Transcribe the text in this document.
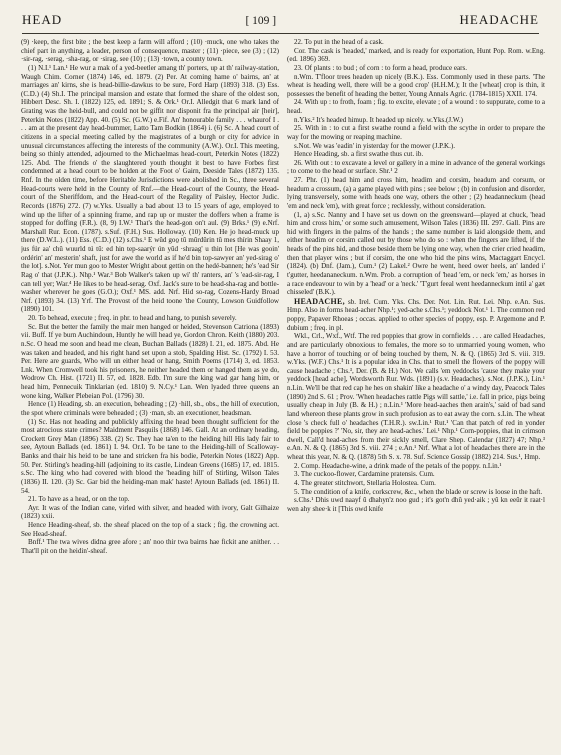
HEAD	[ 109 ]	HEADACHE

(9) ·keep, the first bite ; the best keep a farm will afford ; (10) ·muck, one who takes the chief part in anything, a leader, person of consequence, master ; (11) ·piece, see (3) ; (12) ·sir-rag, ·serag, ·sha-rag, or ·sirag, see (10) ; (13) ·town, a county town.

(1) N.I.¹ Lan.¹ He wur a mak of a yed-beetler amang th' porters, up at th' railway-station, Waugh Chim. Corner (1874) 146, ed. 1879. (2) Per. At coming hame o' bairns, an' at marriages an' kirns, she is head-billie-dawkus to be sure, Ford Harp (1893) 318. (3) Ess. (C.D.) (4) Sh.I. The principal mansion and estate that formed the share of the oldest son, Hibbert Desc. Sh. I. (1822) 125, ed. 1891; S. & Ork.¹ Or.I. Alledgit that 6 mark land of Grating was the heid-bull, and could not be giffit nor disponit fra the principal air [heir], Peterkin Notes (1822) App. 40. (5) Sc. (G.W.) e.Fif. An' honourable family . . . whaurof I . . . am at the present day head-bummer, Latto Tam Bodkin (1864) i. (6) Sc. A head court of citizens in a special meeting called by the magistrates of a burgh or city for advice in unusual circumstances affecting the interests of the community (A.W.). Or.I. This meeting, being so thinly attended, adjourned to the Michaelmas head-court, Peterkin Notes (1822) 125. Abd. The friends o' the slaughtered youth thought it best to have Forbes first condemned at a head court to be holden at the Foot o' Gairn, Deeside Tales (1872) 135. Rnf. In the olden time, before Heritable Jurisdictions were abolished in Sc., three several Head-courts were held in the County of Rnf.—the Head-court of the County, the Head-court of the Sheriffdom, and the Head-court of the Regality of Paisley, Hector Judic. Records (1876) 272. (7) w.Yks. Usually a bad about 13 to 15 years of age, employed to wind up the lifter of a spinning frame, and rap up or muster the doffers when a frame is stopped for doffing (F.R.). (8, 9) I.W.¹ That's the head-gon on't aul. (9) Brks.¹ (9) e.Nrf. Marshall Rur. Econ. (1787). s.Suf. (F.H.) Sus. Holloway. (10) Ken. He jo head-muck up there (D.W.L.). (11) Ess. (C.D.) (12) s.Chs.¹ E wŭd goo̱ tǔ mǔrdǔrin tǔ mes thírin Shaay 1, jus fúr aa' chǔ wuurld tú tǔ: ed hin tep-saarýr ún yǔd ·shraag' u thin lot [He was gooin' ordérin' an' mesterin' shaft, just for awe the world as if he'd bin top-sawyer an' yed-sirag o' the lot]. s.Not. Yer mun goo to Mester Wright about gettin on the hedé-bannen; he's 'ead Sir Rag o' that (J.P.K.). Nhp.¹ War.³ Bob Walker's taken up wi' th' ranters, an' 's 'ead-sir-rag, I can tell yer; War.⁴ He likes to be head-serag. Oxf. Jack's sure to be head-sha-rag and bottle-washer wherever he goes (G.O.); Oxf.¹ MS. add. Nrf. Hid so-rag, Cozens-Hardy Broad Nrf. (1893) 34. (13) Yrf. The Provost of the heid toone 'the County, Lowson Guidfollow (1890) 101.

20. To behead, execute ; freq. in phr. to head and hang, to punish severely.

Sc. But the better the family the mair men hanged or heided, Stevenson Catriona (1893) vii. Buff. If ye burn Auchindoun, Huntly he will head ye, Gordon Chron. Keith (1880) 203. n.Sc. O head me soon and head me clean, Buchan Ballads (1828) I. 21, ed. 1875. Abd. He was taken and headed, and his right hand set upon a stob, Spalding Hist. Sc. (1792) I. 53. Per. Here are guards, Who will un either head or hang, Smith Poems (1714) 3, ed. 1853. Lnk. When Cromwell took his prisoners, he neither headed them or hanged them as ye do, Wodrow Ch. Hist. (1721) II. 57, ed. 1828. Edb. I'm sure the king wad gar hang him, or head him, Pennecuik Tinklarian (ed. 1810) 9. N.Cy.¹ Lan. Wen lyaded three queens an wone king, Walker Plebeian Pol. (1796) 30.

Hence (1) Heading, sb. an execution, beheading ; (2) ·hill, sb., obs., the hill of execution, the spot where criminals were beheaded ; (3) ·man, sb. an executioner, headsman.

(1) Sc. Has not heading and publickly affixing the head been thought sufficient for the most atrocious state crimes? Maidment Pasquils (1868) 146. Gall. At an ordinary heading, Crockett Grey Man (1896) 338. (2) Sc. They hae ta'en to the heiding hill His lady fair to see, Aytoun Ballads (ed. 1861) I. 94. Or.I. To be tane to the Heiding-hill of Scalloway-Banks and thair his heid to be tane and stricken fra his bodie, Peterkin Notes (1822) App. 50. Per. Stirling's heading-hill (adjoining to its castle, Lindean Greens (1685) 17, ed. 1815. s.Sc. The king who had covered with blood the 'heading hill' of Stirling, Wilson Tales (1836) II. 120. (3) Sc. Gar bid the heiding-man mak' haste! Aytoun Ballads (ed. 1861) II. 54.

21. To have as a head, or on the top.

Ayr. It was of the Indian cane, virled with silver, and headed with ivory, Galt Gilhaize (1823) xxii.

Hence Heading-sheaf, sb. the sheaf placed on the top of a stack ; fig. the crowning act. See Head-sheaf.

Bnff.¹ The twa wives didna gree afore ; an' noo thir twa bairns hae fickit ane anither. . . That'll pit on the heidin'-sheaf.

22. To put in the head of a cask.

Cor. The cask is 'headed,' marked, and is ready for exportation, Hunt Pop. Rom. w.Eng. (ed. 1896) 369.

23. Of plants : to bud ; of corn : to form a head, produce ears.

n.Wm. T'floor trees headen up nicely (B.K.). Ess. Commonly used in these parts. 'The wheat is heading well, there will be a good crop' (H.H.M.); It the [wheat] crop is thin, it possesses the benefit of heading the better, Young Annals Agric. (1784-1815) XXII. 174.

24. With up : to froth, foam ; fig. to excite, elevate ; of a wound : to suppurate, come to a head.

n.Yks.² It's headed himup. It headed up nicely. w.Yks.(J.W.)

25. With in : to cut a first swathe round a field with the scythe in order to prepare the way for the mowing or reaping machine.

s.Not. We was 'eadin' in yisterday for the mower (J.P.K.).

Hence Heading, sb. a first swathe thus cut. ib.

26. With out : to excavate a level or gallery in a mine in advance of the general workings ; to come to the head or surface. Shr.¹ 2

27. Phr. (1) head him and cross him, headim and corsim, headum and corsum, or headum a crossum, (a) a game played with pins ; see below ; (b) in confusion and disorder, lying transversely, some with heads one way, others the other ; (2) headanneckum (head 'em and neck 'em), with great force ; recklessly, without consideration.

(1, a) s.Sc. Nanny and I have set us down on the greensward—played at chuck, 'head him and cross him,' or some such amusement, Wilson Tales (1836) III. 297. Gall. Pins are hid with fingers in the palms of the hands ; the same number is laid alongside them, and either headim or corsim called out by those who do so : when the fingers are lifted, if the heads of the pins hid, and those beside them be lying one way, when the crier cried headim, then that player wins ; but if corsim, the one who hid the pins wins, Mactaggart Encycl. (1824). (b) Dnf. (Jam.), Cum.¹ (2) Lakel.² Owre he went, heed ower heels, an' landed i' t'gutter, heedananeckum. n.Wm. Prob. a corruption of 'head 'em, or neck 'em,' as horses in a race endeavour to win by a 'head' or a 'neck.' 'T'gurt feeal went heedanneckum intil a' gæt chisseled' (B.K.).

HEADACHE, sb. Irel. Cum. Yks. Chs. Der. Not. Lin. Rut. Lei. Nhp. e.An. Sus. Hmp. Also in forms head-acher Nhp.¹; yed-ache s.Chs.¹; yeddock Not.¹ 1. The common red poppy, Papaver Rhoeas ; occas. applied to other species of poppy, esp. P. Argemone and P. dubium ; freq. in pl.

Wkl., Crl., Wxf., Wtf. The red poppies that grow in cornfields . . . are called Headaches, and are particularly obnoxious to females, the more so to unmarried young women, who have a horror of touching or of being touched by them, N. & Q. (1865) 3rd S. viii. 319. w.Yks. (W.F.) Chs.¹ It is a popular idea in Chs. that to smell the flowers of the poppy will cause headache ; Chs.³, Der. (B. & H.) Not. We calls 'em yeddocks 'cause they make your yeddock [head ache], Wordsworth Rur. Wds. (1891) (s.v. Headaches). s.Not. (J.P.K.), Lin.¹ n.Lin. We'll be that red cap he hes on shakin' like a headache o' a windy day, Peacock Tales (1890) 2nd S. 61 ; Prov. 'When headaches rattle Pigs will sattle,' i.e. fall in price, pigs being usually cheap in July (B. & H.) ; n.Lin.¹ 'More head-aaches then arain's,' said of bad sand land whereon these plants grow in such profusion as to eat away the corn. s.Lin. The wheat close 's check full o' headaches (T.H.R.). sw.Lin.¹ Rut.¹ 'Can that patch of red in yonder field be poppies ?' 'No, sir, they are head-aches.' Lei.¹ Nhp.¹ Corn-poppies, that in crimson dwell, Call'd head-aches from their sickly smell, Clare Shep. Calendar (1827) 47; Nhp.³ e.An. N. & Q. (1865) 3rd S. viii. 274 ; e.An.¹ Nrf. What a lot of headaches there are in the wheat this year, N. & Q. (1878) 5th S. x. 78. Suf. Science Gossip (1882) 214. Sus.¹, Hmp.

2. Comp. Headache-wine, a drink made of the petals of the poppy. n.Lin.¹

3. The cuckoo-flower, Cardamine pratensis. Cum.

4. The greater stitchwort, Stellaria Holostea. Cum.

5. The condition of a knife, corkscrew, &c., when the blade or screw is loose in the haft.

s.Chs.¹ Dhis uwd naayf ŭ dhahyn'z noo gud ; it's got'n dhŭ yed·aik ; yŭ kn eeŭr it raat·l wen ahy shee·k it [This owd knife
